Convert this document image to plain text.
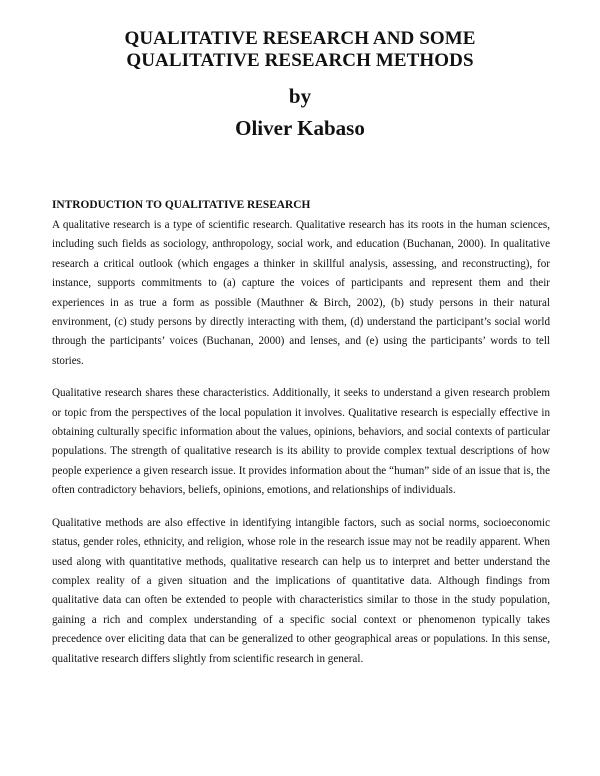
QUALITATIVE RESEARCH AND SOME
QUALITATIVE RESEARCH METHODS
by
Oliver Kabaso
INTRODUCTION TO QUALITATIVE RESEARCH

A qualitative research is a type of scientific research. Qualitative research has its roots in the human sciences, including such fields as sociology, anthropology, social work, and education (Buchanan, 2000). In qualitative research a critical outlook (which engages a thinker in skillful analysis, assessing, and reconstructing), for instance, supports commitments to (a) capture the voices of participants and represent them and their experiences in as true a form as possible (Mauthner & Birch, 2002), (b) study persons in their natural environment, (c) study persons by directly interacting with them, (d) understand the participant’s social world through the participants’ voices (Buchanan, 2000) and lenses, and (e) using the participants’ words to tell stories.

Qualitative research shares these characteristics. Additionally, it seeks to understand a given research problem or topic from the perspectives of the local population it involves. Qualitative research is especially effective in obtaining culturally specific information about the values, opinions, behaviors, and social contexts of particular populations. The strength of qualitative research is its ability to provide complex textual descriptions of how people experience a given research issue. It provides information about the “human” side of an issue that is, the often contradictory behaviors, beliefs, opinions, emotions, and relationships of individuals.

Qualitative methods are also effective in identifying intangible factors, such as social norms, socioeconomic status, gender roles, ethnicity, and religion, whose role in the research issue may not be readily apparent. When used along with quantitative methods, qualitative research can help us to interpret and better understand the complex reality of a given situation and the implications of quantitative data. Although findings from qualitative data can often be extended to people with characteristics similar to those in the study population, gaining a rich and complex understanding of a specific social context or phenomenon typically takes precedence over eliciting data that can be generalized to other geographical areas or populations. In this sense, qualitative research differs slightly from scientific research in general.
